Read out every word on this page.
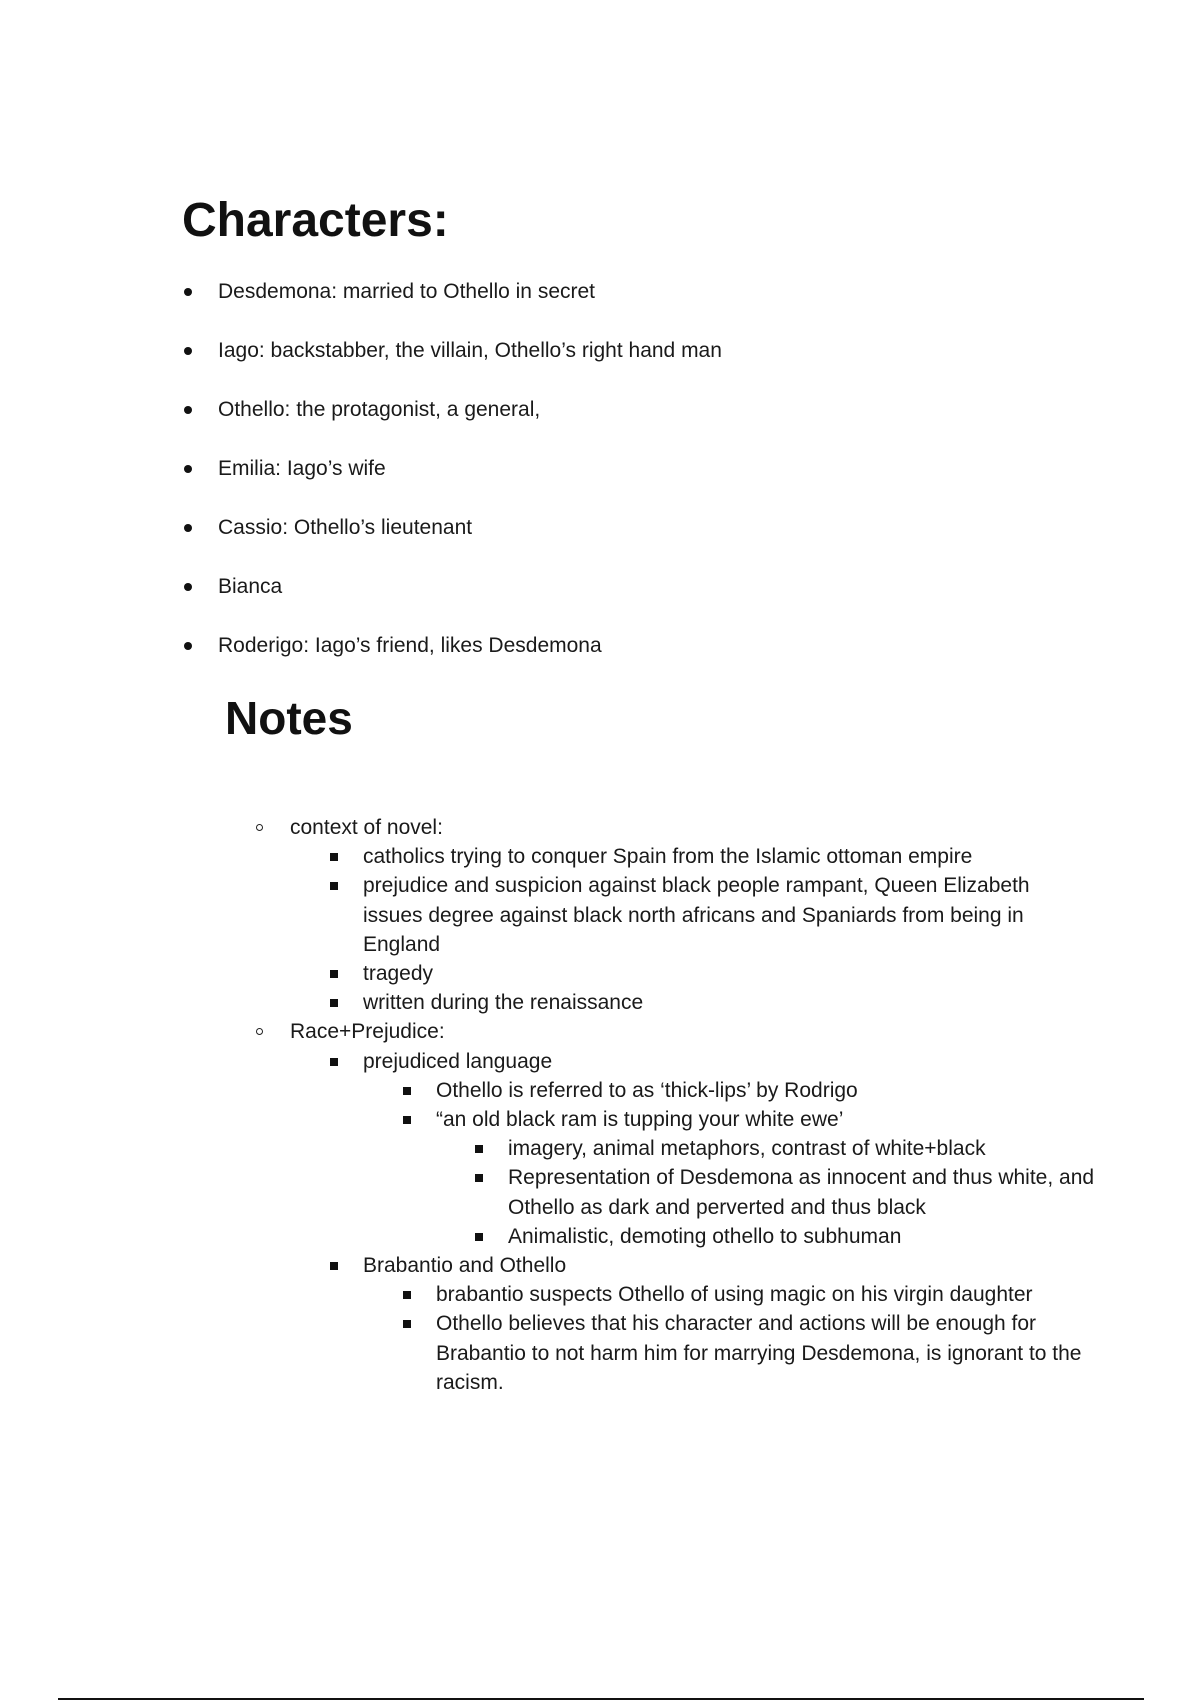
Characters:
Desdemona: married to Othello in secret
Iago: backstabber, the villain, Othello’s right hand man
Othello: the protagonist, a general,
Emilia: Iago’s wife
Cassio: Othello’s lieutenant
Bianca
Roderigo: Iago’s friend, likes Desdemona
Notes

context of novel:

catholics trying to conquer Spain from the Islamic ottoman empire

prejudice and suspicion against black people rampant, Queen Elizabeth issues degree against black north africans and Spaniards from being in England

tragedy

written during the renaissance

Race+Prejudice:

prejudiced language

Othello is referred to as ‘thick-lips’ by Rodrigo

“an old black ram is tupping your white ewe’

imagery, animal metaphors, contrast of white+black

Representation of Desdemona as innocent and thus white, and Othello as dark and perverted and thus black

Animalistic, demoting othello to subhuman

Brabantio and Othello

brabantio suspects Othello of using magic on his virgin daughter

Othello believes that his character and actions will be enough for Brabantio to not harm him for marrying Desdemona, is ignorant to the racism.
